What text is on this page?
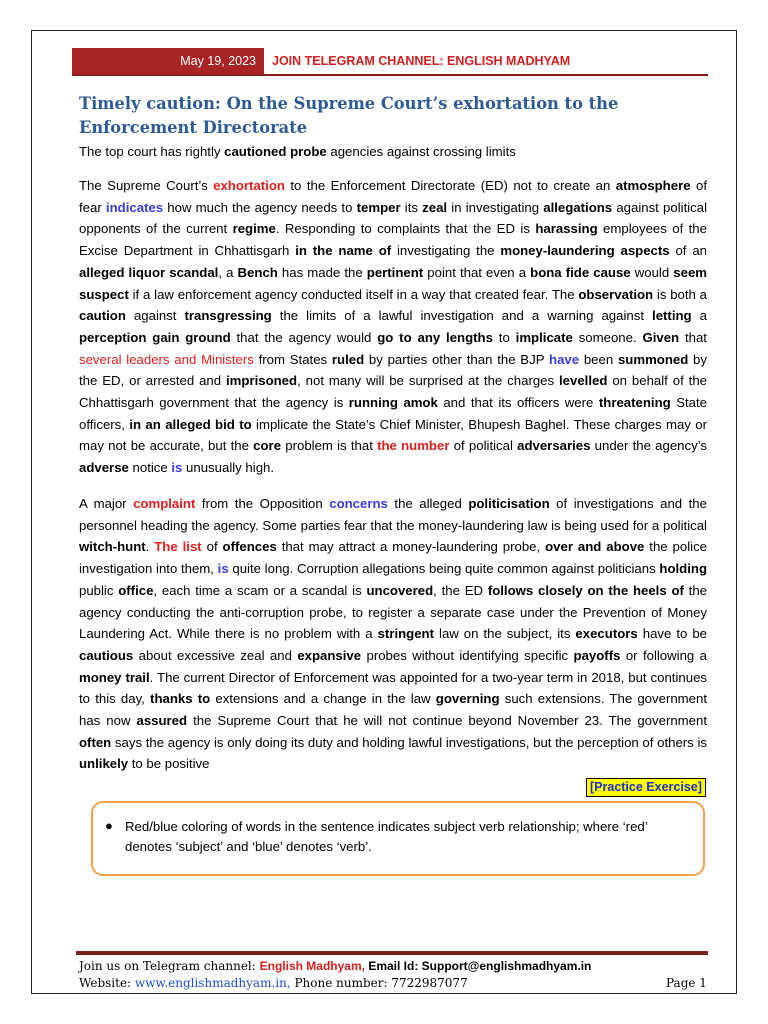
May 19, 2023	JOIN TELEGRAM CHANNEL: ENGLISH MADHYAM
Timely caution: On the Supreme Court’s exhortation to the Enforcement Directorate

The top court has rightly cautioned probe agencies against crossing limits

The Supreme Court’s exhortation to the Enforcement Directorate (ED) not to create an atmosphere of fear indicates how much the agency needs to temper its zeal in investigating allegations against political opponents of the current regime. Responding to complaints that the ED is harassing employees of the Excise Department in Chhattisgarh in the name of investigating the money-laundering aspects of an alleged liquor scandal, a Bench has made the pertinent point that even a bona fide cause would seem suspect if a law enforcement agency conducted itself in a way that created fear. The observation is both a caution against transgressing the limits of a lawful investigation and a warning against letting a perception gain ground that the agency would go to any lengths to implicate someone. Given that several leaders and Ministers from States ruled by parties other than the BJP have been summoned by the ED, or arrested and imprisoned, not many will be surprised at the charges levelled on behalf of the Chhattisgarh government that the agency is running amok and that its officers were threatening State officers, in an alleged bid to implicate the State’s Chief Minister, Bhupesh Baghel. These charges may or may not be accurate, but the core problem is that the number of political adversaries under the agency’s adverse notice is unusually high.

A major complaint from the Opposition concerns the alleged politicisation of investigations and the personnel heading the agency. Some parties fear that the money-laundering law is being used for a political witch-hunt. The list of offences that may attract a money-laundering probe, over and above the police investigation into them, is quite long. Corruption allegations being quite common against politicians holding public office, each time a scam or a scandal is uncovered, the ED follows closely on the heels of the agency conducting the anti-corruption probe, to register a separate case under the Prevention of Money Laundering Act. While there is no problem with a stringent law on the subject, its executors have to be cautious about excessive zeal and expansive probes without identifying specific payoffs or following a money trail. The current Director of Enforcement was appointed for a two-year term in 2018, but continues to this day, thanks to extensions and a change in the law governing such extensions. The government has now assured the Supreme Court that he will not continue beyond November 23. The government often says the agency is only doing its duty and holding lawful investigations, but the perception of others is unlikely to be positive

[Practice Exercise]
● Red/blue coloring of words in the sentence indicates subject verb relationship; where ‘red’ denotes ‘subject’ and ‘blue’ denotes ‘verb’.

Join us on Telegram channel: English Madhyam, Email Id: Support@englishmadhyam.in
Website: www.englishmadhyam.in, Phone number: 7722987077	Page 1
